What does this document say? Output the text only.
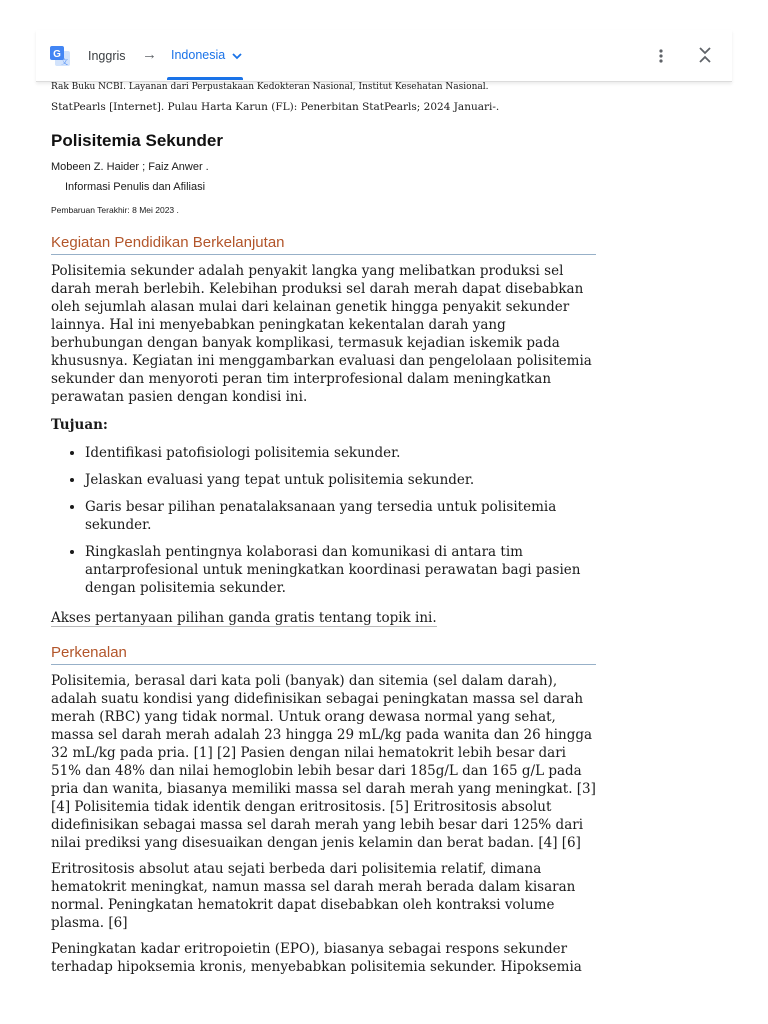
Rak Buku NCBI. Layanan dari Perpustakaan Kedokteran Nasional, Institut Kesehatan Nasional.

StatPearls [Internet]. Pulau Harta Karun (FL): Penerbitan StatPearls; 2024 Januari-.

Polisitemia Sekunder
Mobeen Z. Haider ; Faiz Anwer .
Informasi Penulis dan Afiliasi
Pembaruan Terakhir: 8 Mei 2023 .
Kegiatan Pendidikan Berkelanjutan

Polisitemia sekunder adalah penyakit langka yang melibatkan produksi sel darah merah berlebih. Kelebihan produksi sel darah merah dapat disebabkan oleh sejumlah alasan mulai dari kelainan genetik hingga penyakit sekunder lainnya. Hal ini menyebabkan peningkatan kekentalan darah yang berhubungan dengan banyak komplikasi, termasuk kejadian iskemik pada khususnya. Kegiatan ini menggambarkan evaluasi dan pengelolaan polisitemia sekunder dan menyoroti peran tim interprofesional dalam meningkatkan perawatan pasien dengan kondisi ini.

Tujuan:

• Identifikasi patofisiologi polisitemia sekunder.
• Jelaskan evaluasi yang tepat untuk polisitemia sekunder.
• Garis besar pilihan penatalaksanaan yang tersedia untuk polisitemia sekunder.
• Ringkaslah pentingnya kolaborasi dan komunikasi di antara tim antarprofesional untuk meningkatkan koordinasi perawatan bagi pasien dengan polisitemia sekunder.

Akses pertanyaan pilihan ganda gratis tentang topik ini.

Perkenalan

Polisitemia, berasal dari kata poli (banyak) dan sitemia (sel dalam darah), adalah suatu kondisi yang didefinisikan sebagai peningkatan massa sel darah merah (RBC) yang tidak normal. Untuk orang dewasa normal yang sehat, massa sel darah merah adalah 23 hingga 29 mL/kg pada wanita dan 26 hingga 32 mL/kg pada pria. [1] [2] Pasien dengan nilai hematokrit lebih besar dari 51% dan 48% dan nilai hemoglobin lebih besar dari 185g/L dan 165 g/L pada pria dan wanita, biasanya memiliki massa sel darah merah yang meningkat. [3] [4] Polisitemia tidak identik dengan eritrositosis. [5] Eritrositosis absolut didefinisikan sebagai massa sel darah merah yang lebih besar dari 125% dari nilai prediksi yang disesuaikan dengan jenis kelamin dan berat badan. [4] [6]

Eritrositosis absolut atau sejati berbeda dari polisitemia relatif, dimana hematokrit meningkat, namun massa sel darah merah berada dalam kisaran normal. Peningkatan hematokrit dapat disebabkan oleh kontraksi volume plasma. [6]

Peningkatan kadar eritropoietin (EPO), biasanya sebagai respons sekunder terhadap hipoksemia kronis, menyebabkan polisitemia sekunder. Hipoksemia

G
文 Inggris → Indonesia
